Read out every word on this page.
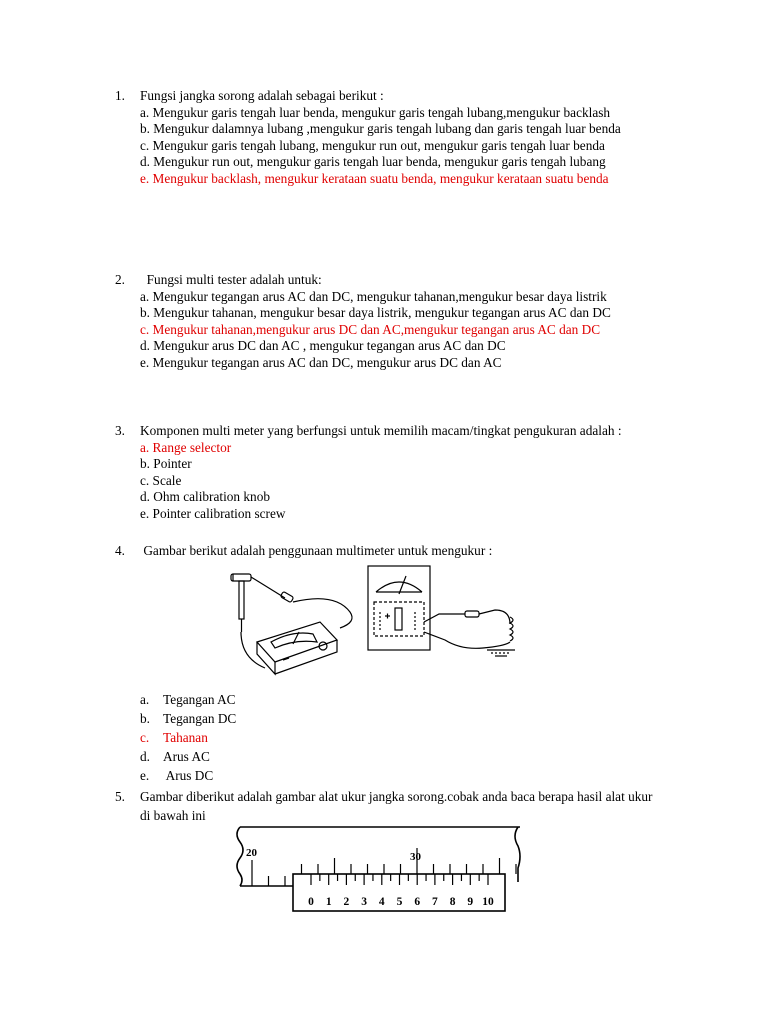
1.	Fungsi jangka sorong adalah sebagai berikut :

a. Mengukur garis tengah luar benda, mengukur garis tengah lubang,mengukur backlash

b. Mengukur dalamnya lubang ,mengukur garis tengah lubang dan garis tengah luar benda

c. Mengukur garis tengah lubang, mengukur run out, mengukur garis tengah luar benda

d. Mengukur run out, mengukur garis tengah luar benda, mengukur garis tengah lubang

e. Mengukur backlash, mengukur kerataan suatu benda, mengukur kerataan suatu benda

2.	Fungsi multi tester adalah untuk:

a. Mengukur tegangan arus AC dan DC, mengukur tahanan,mengukur besar daya listrik

b. Mengukur tahanan, mengukur besar daya listrik, mengukur tegangan arus AC dan DC

c. Mengukur tahanan,mengukur arus DC dan AC,mengukur tegangan arus AC dan DC

d. Mengukur arus DC dan AC , mengukur tegangan arus AC dan DC

e. Mengukur tegangan arus AC dan DC, mengukur arus DC dan AC

3.	Komponen multi meter yang berfungsi untuk memilih macam/tingkat pengukuran adalah :

a. Range selector

b. Pointer

c. Scale

d. Ohm calibration knob

e. Pointer calibration screw

4.	Gambar berikut adalah penggunaan multimeter untuk mengukur :
a.	Tegangan AC
b. Tegangan DC
c.	Tahanan
d. Arus AC
e.	Arus DC
5.	Gambar diberikut adalah gambar alat ukur jangka sorong.cobak anda baca berapa hasil alat ukur di bawah ini
20	30
0 1 2 3 4 5 6 7 8 9 10
